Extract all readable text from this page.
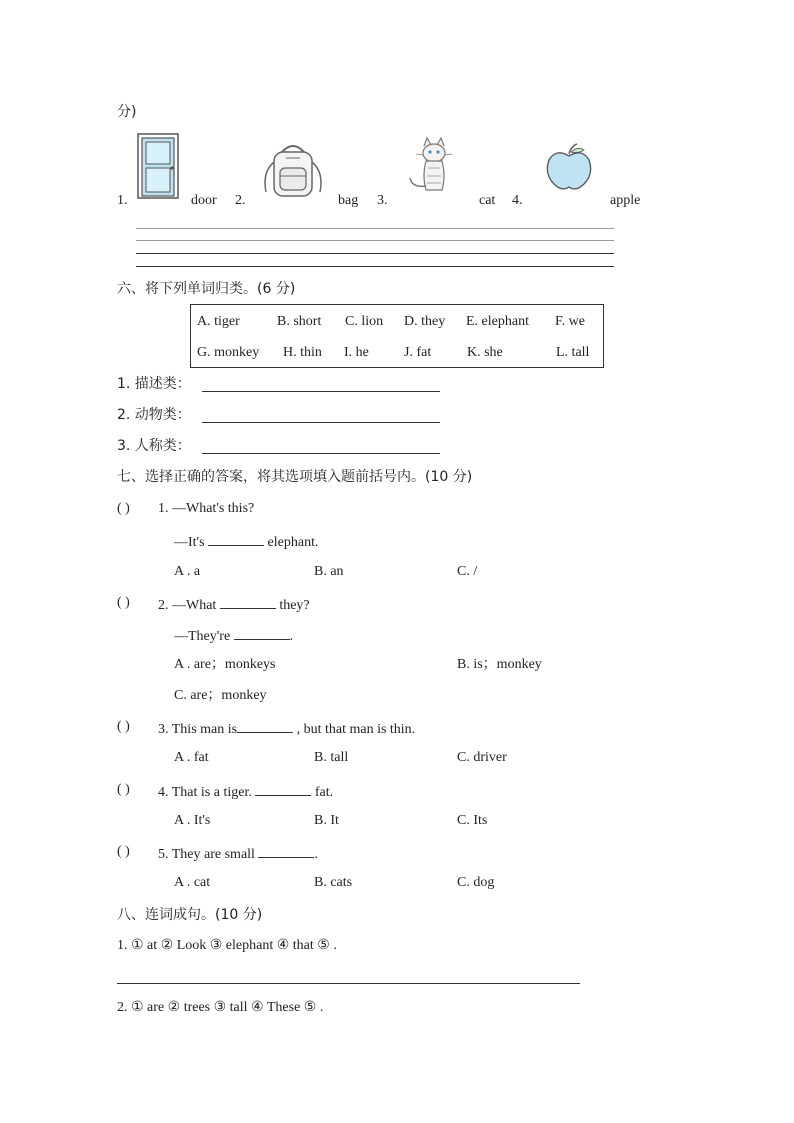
分)
1.	door 2.	bag 3.	cat 4.	apple
六、将下列单词归类。(6 分)
A. tiger	B. short C. lion D. they E. elephant F. we
G. monkey H. thin I. he	J. fat	K. she	L. tall
1. 描述类：
2. 动物类：
3. 人称类：
七、选择正确的答案，将其选项填入题前括号内。(10 分)
( ) 1. —What's this?
—It's	elephant.
A . a	B. an	C. /
( ) 2. —What	they?
—They're	.
A . are；monkeys	B. is；monkey
C. are；monkey
( ) 3. This man is	, but that man is thin.
A . fat	B. tall	C. driver
( ) 4. That is a tiger.	fat.
A . It's	B. It	C. Its
( ) 5. They are small	.
A . cat	B. cats	C. dog
八、连词成句。(10 分)
1. ① at ② Look ③ elephant ④ that ⑤ .
2. ① are ② trees ③ tall ④ These ⑤ .
